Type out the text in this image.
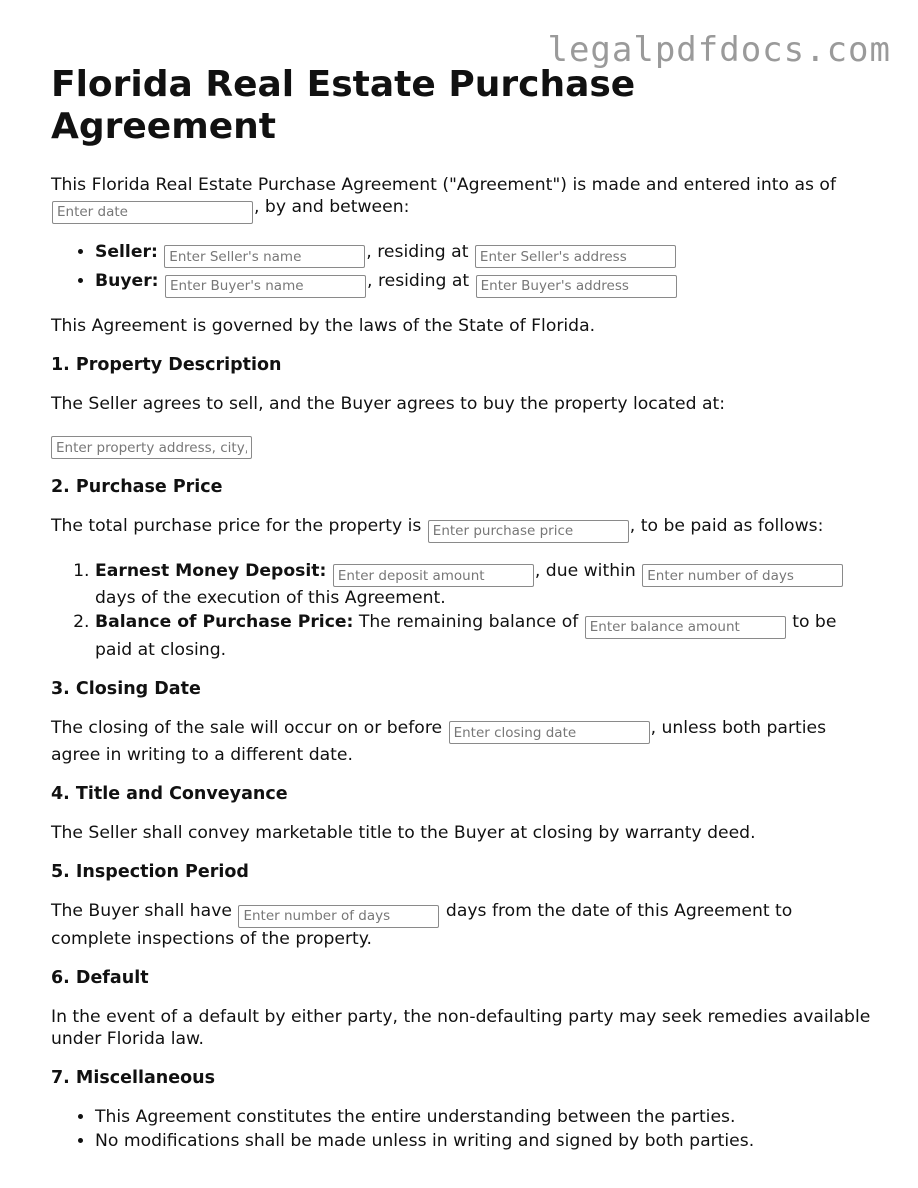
legalpdfdocs.com
Florida Real Estate Purchase Agreement

This Florida Real Estate Purchase Agreement ("Agreement") is made and entered into as of Enter date, by and between:

• Seller: Enter Seller's name	, residing at Enter Seller's address
• Buyer: Enter Buyer's name	, residing at Enter Buyer's address

This Agreement is governed by the laws of the State of Florida.

1. Property Description

The Seller agrees to sell, and the Buyer agrees to buy the property located at:

Enter property address, city, state, zip

2. Purchase Price

The total purchase price for the property is Enter purchase price	, to be paid as follows:

1. Earnest Money Deposit: Enter deposit amount	, due within Enter number of days days of the execution of this Agreement.
2. Balance of Purchase Price: The remaining balance of Enter balance amount	to be paid at closing.
3. Closing Date

The closing of the sale will occur on or before Enter closing date	, unless both parties agree in writing to a different date.

4. Title and Conveyance

The Seller shall convey marketable title to the Buyer at closing by warranty deed.

5. Inspection Period

The Buyer shall have Enter number of days	days from the date of this Agreement to complete inspections of the property.

6. Default

In the event of a default by either party, the non-defaulting party may seek remedies available under Florida law.

7. Miscellaneous
• This Agreement constitutes the entire understanding between the parties.
• No modifications shall be made unless in writing and signed by both parties.
